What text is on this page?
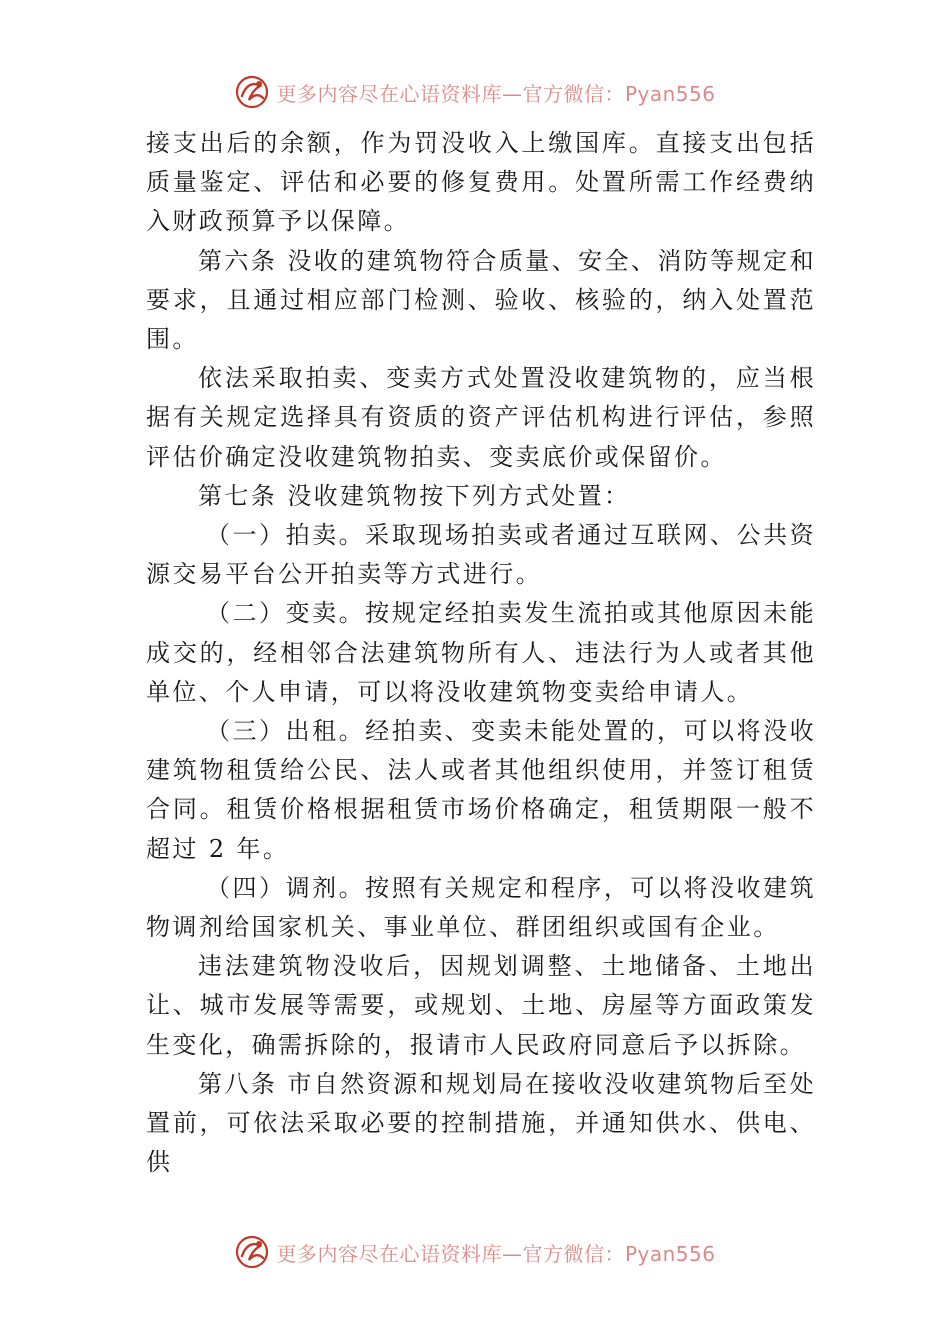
更多内容尽在心语资料库—官方微信：Pyan556

接支出后的余额，作为罚没收入上缴国库。直接支出包括质量鉴定、评估和必要的修复费用。处置所需工作经费纳入财政预算予以保障。

第六条 没收的建筑物符合质量、安全、消防等规定和要求，且通过相应部门检测、验收、核验的，纳入处置范围。

依法采取拍卖、变卖方式处置没收建筑物的，应当根据有关规定选择具有资质的资产评估机构进行评估，参照评估价确定没收建筑物拍卖、变卖底价或保留价。

第七条 没收建筑物按下列方式处置：

（一）拍卖。采取现场拍卖或者通过互联网、公共资源交易平台公开拍卖等方式进行。

（二）变卖。按规定经拍卖发生流拍或其他原因未能成交的，经相邻合法建筑物所有人、违法行为人或者其他单位、个人申请，可以将没收建筑物变卖给申请人。

（三）出租。经拍卖、变卖未能处置的，可以将没收建筑物租赁给公民、法人或者其他组织使用，并签订租赁合同。租赁价格根据租赁市场价格确定，租赁期限一般不超过 2 年。

（四）调剂。按照有关规定和程序，可以将没收建筑物调剂给国家机关、事业单位、群团组织或国有企业。

违法建筑物没收后，因规划调整、土地储备、土地出让、城市发展等需要，或规划、土地、房屋等方面政策发生变化，确需拆除的，报请市人民政府同意后予以拆除。

第八条 市自然资源和规划局在接收没收建筑物后至处置前，可依法采取必要的控制措施，并通知供水、供电、供

更多内容尽在心语资料库—官方微信：Pyan556
